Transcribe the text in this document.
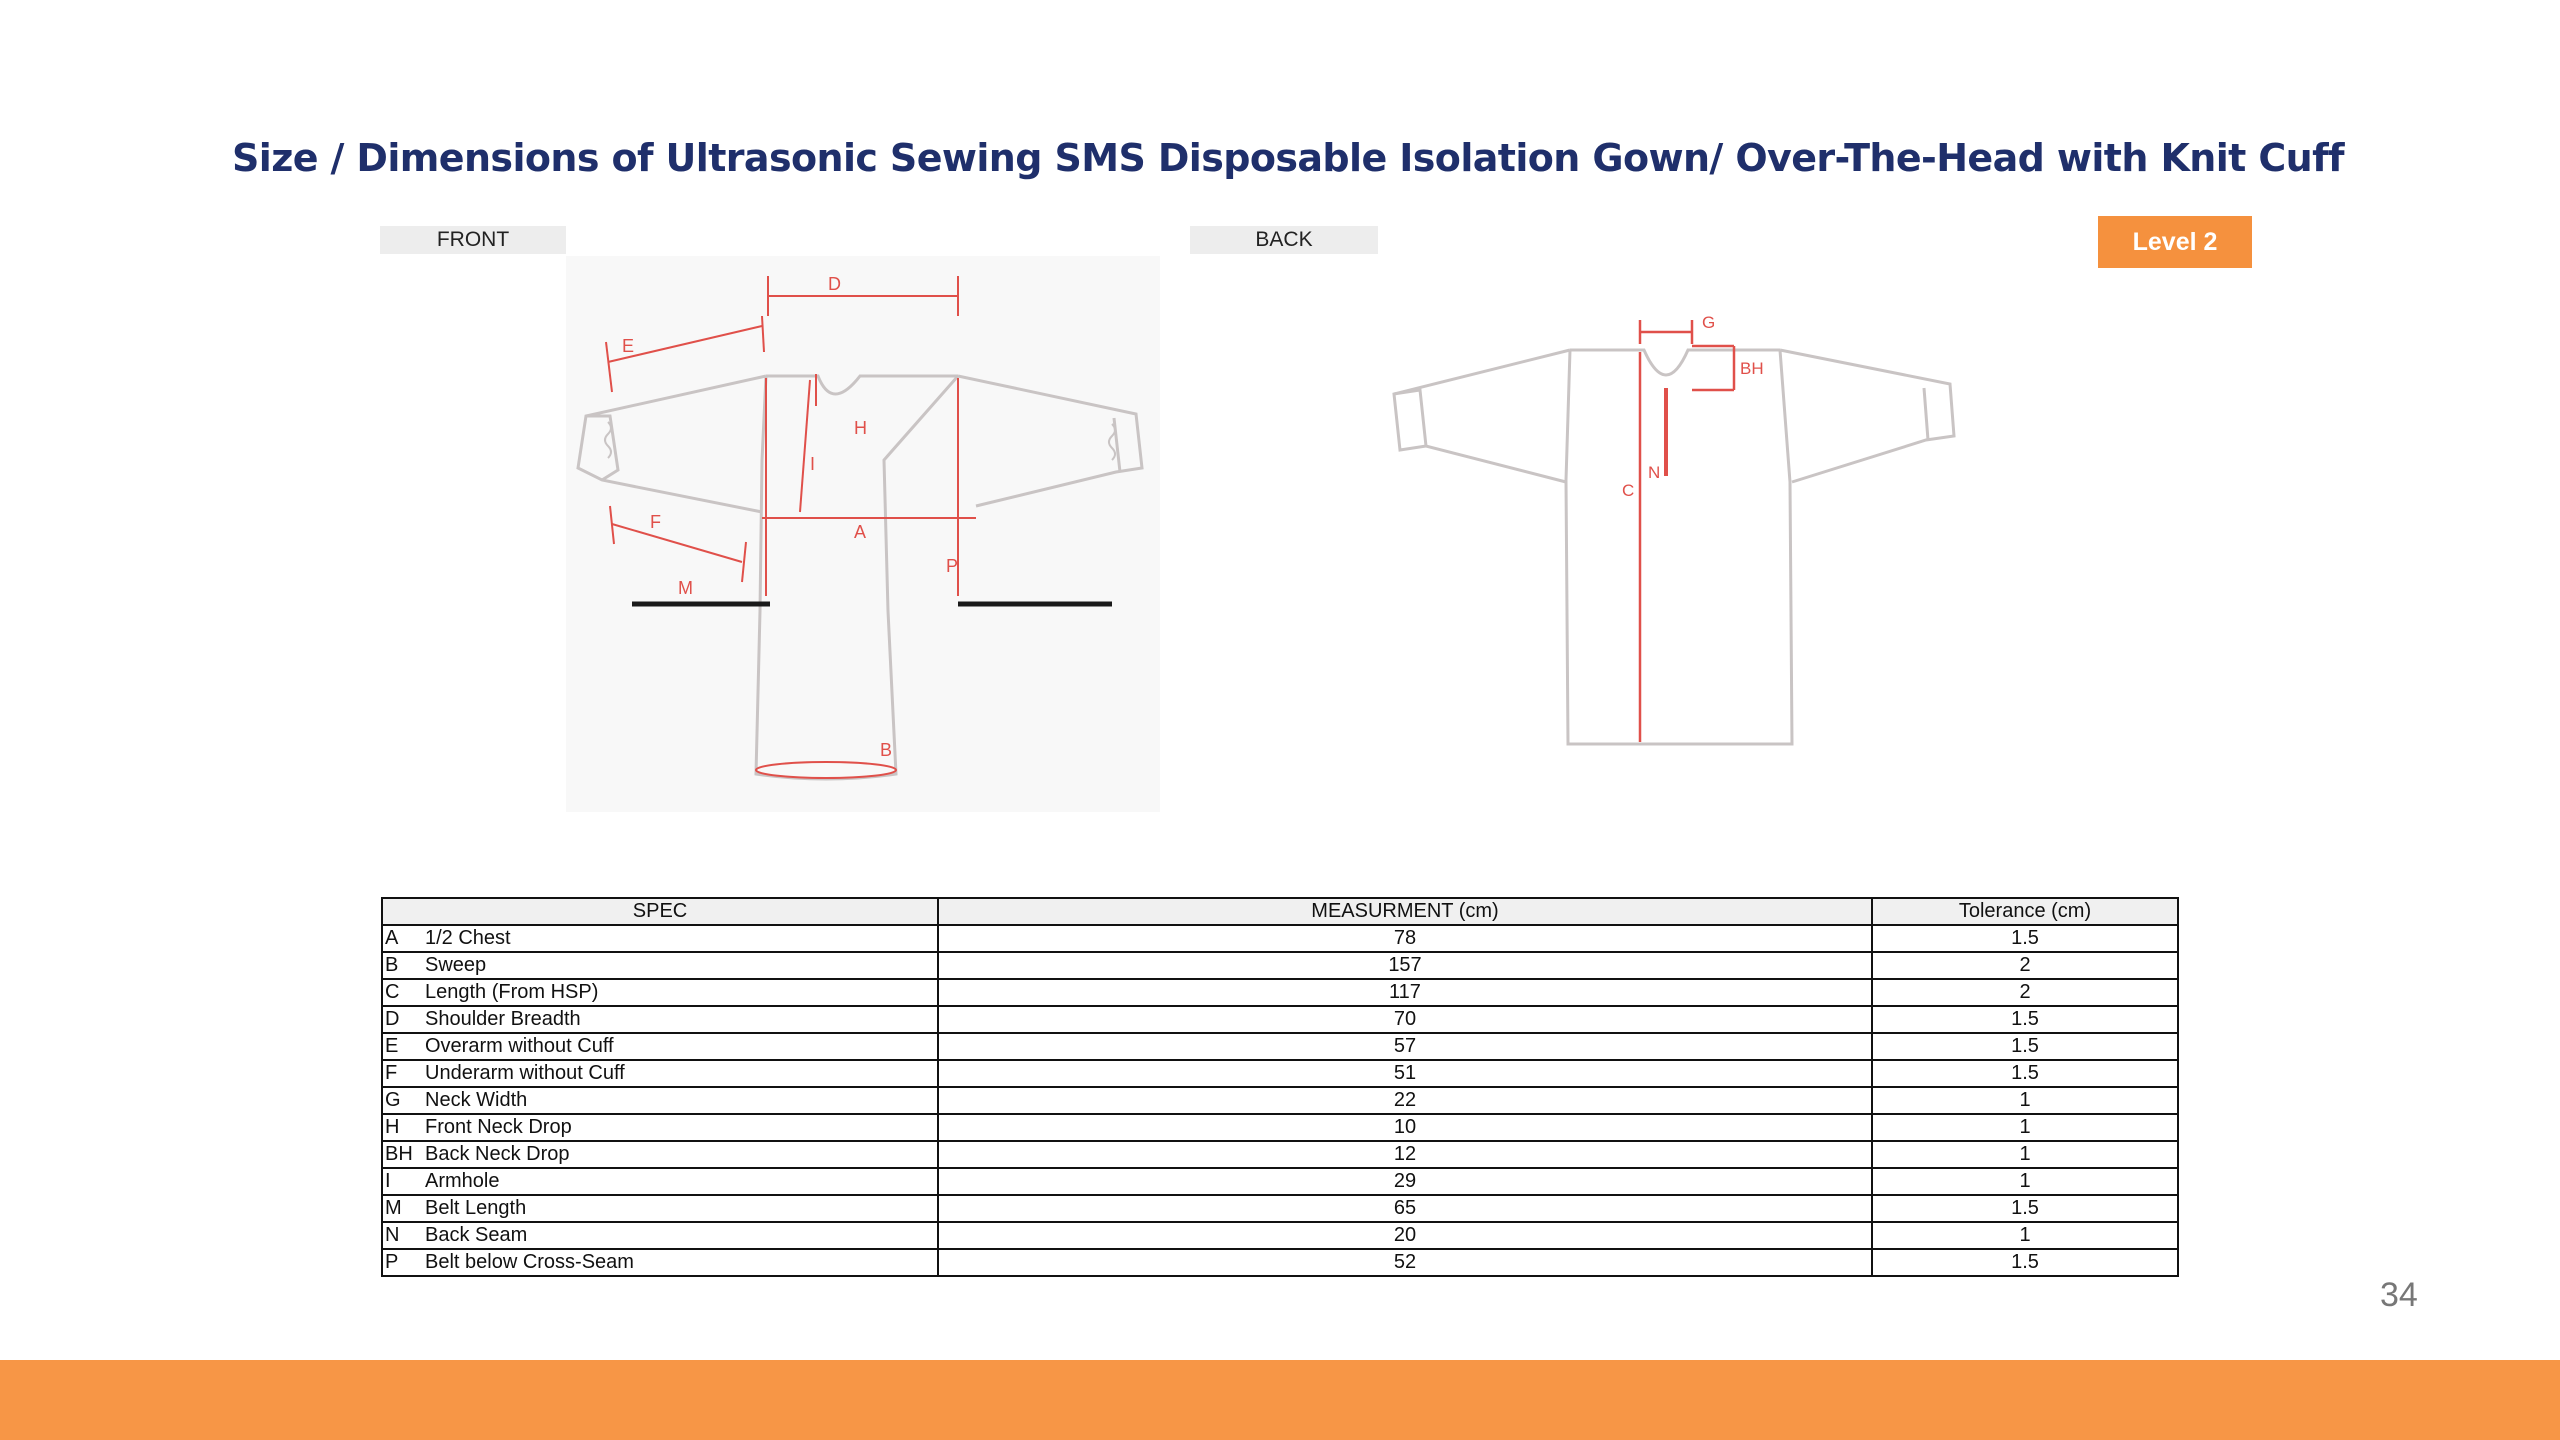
Size / Dimensions of Ultrasonic Sewing SMS Disposable Isolation Gown/ Over-The-Head with Knit Cuff
FRONT	BACK	Level 2
D
E
H
I
A
F
M
P
B
G
BH
C
N
SPEC	MEASURMENT (cm)	Tolerance (cm)
A 1/2 Chest	78	1.5
B Sweep	157	2
C Length (From HSP)	117	2
D Shoulder Breadth	70	1.5
E Overarm without Cuff	57	1.5
F Underarm without Cuff	51	1.5
G Neck Width	22	1
H Front Neck Drop	10	1
BH Back Neck Drop	12	1
I Armhole	29	1
M Belt Length	65	1.5
N Back Seam	20	1
P Belt below Cross-Seam	52	1.5
34
